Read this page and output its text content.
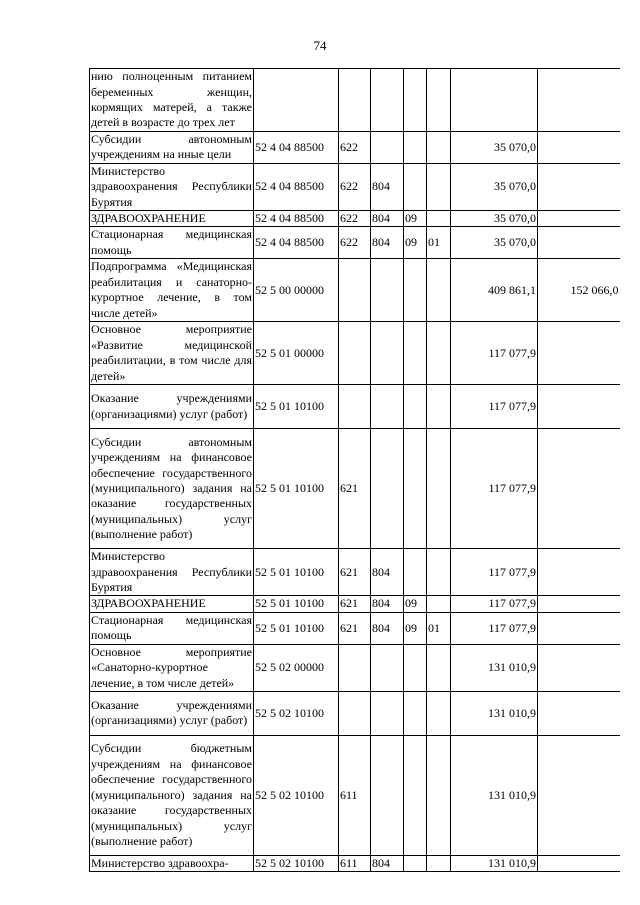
74
нию полноценным питанием беременных женщин, кормящих матерей, а также детей в возрасте до трех лет							
Субсидии автономным учреждениям на иные цели	52 4 04 88500	622				35 070,0	
Министерство здравоохранения Республики Бурятия	52 4 04 88500	622	804			35 070,0	
ЗДРАВООХРАНЕНИЕ	52 4 04 88500	622	804	09		35 070,0	
Стационарная медицинская помощь	52 4 04 88500	622	804	09	01	35 070,0	
Подпрограмма «Медицинская реабилитация и санаторно-курортное лечение, в том числе детей»	52 5 00 00000					409 861,1	152 066,0
Основное мероприятие «Развитие медицинской реабилитации, в том числе для детей»	52 5 01 00000					117 077,9	
Оказание учреждениями (организациями) услуг (работ)	52 5 01 10100					117 077,9	
Субсидии автономным учреждениям на финансовое обеспечение государственного (муниципального) задания на оказание государственных (муниципальных) услуг (выполнение работ)	52 5 01 10100	621				117 077,9	
Министерство здравоохранения Республики Бурятия	52 5 01 10100	621	804			117 077,9	
ЗДРАВООХРАНЕНИЕ	52 5 01 10100	621	804	09		117 077,9	
Стационарная медицинская помощь	52 5 01 10100	621	804	09	01	117 077,9	
Основное мероприятие «Санаторно-курортное лечение, в том числе детей»	52 5 02 00000					131 010,9	
Оказание учреждениями (организациями) услуг (работ)	52 5 02 10100					131 010,9	
Субсидии бюджетным учреждениям на финансовое обеспечение государственного (муниципального) задания на оказание государственных (муниципальных) услуг (выполнение работ)	52 5 02 10100	611				131 010,9	
Министерство здравоохра-	52 5 02 10100	611	804			131 010,9	
